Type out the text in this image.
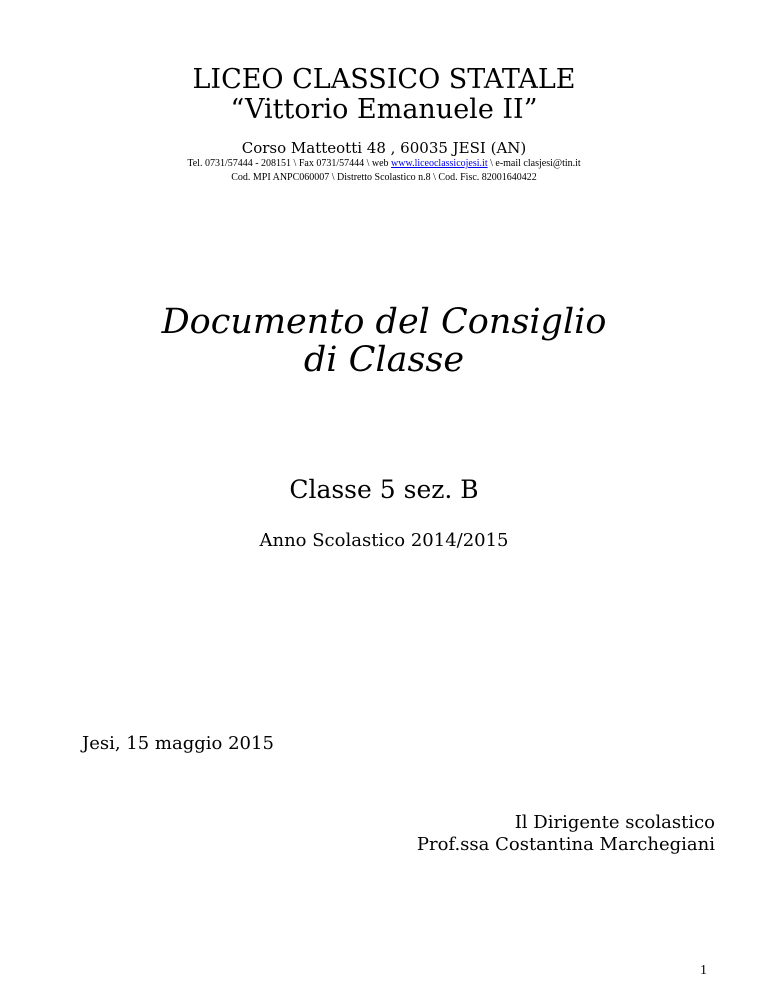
LICEO CLASSICO STATALE
“Vittorio Emanuele II”
Corso Matteotti 48 , 60035 JESI (AN)
Tel. 0731/57444 - 208151 \ Fax 0731/57444 \ web www.liceoclassicojesi.it \ e-mail clasjesi@tin.it
Cod. MPI ANPC060007 \ Distretto Scolastico n.8 \ Cod. Fisc. 82001640422
Documento del Consiglio
di Classe
Classe 5 sez. B
Anno Scolastico 2014/2015
Jesi, 15 maggio 2015
Il Dirigente scolastico
Prof.ssa Costantina Marchegiani
1
